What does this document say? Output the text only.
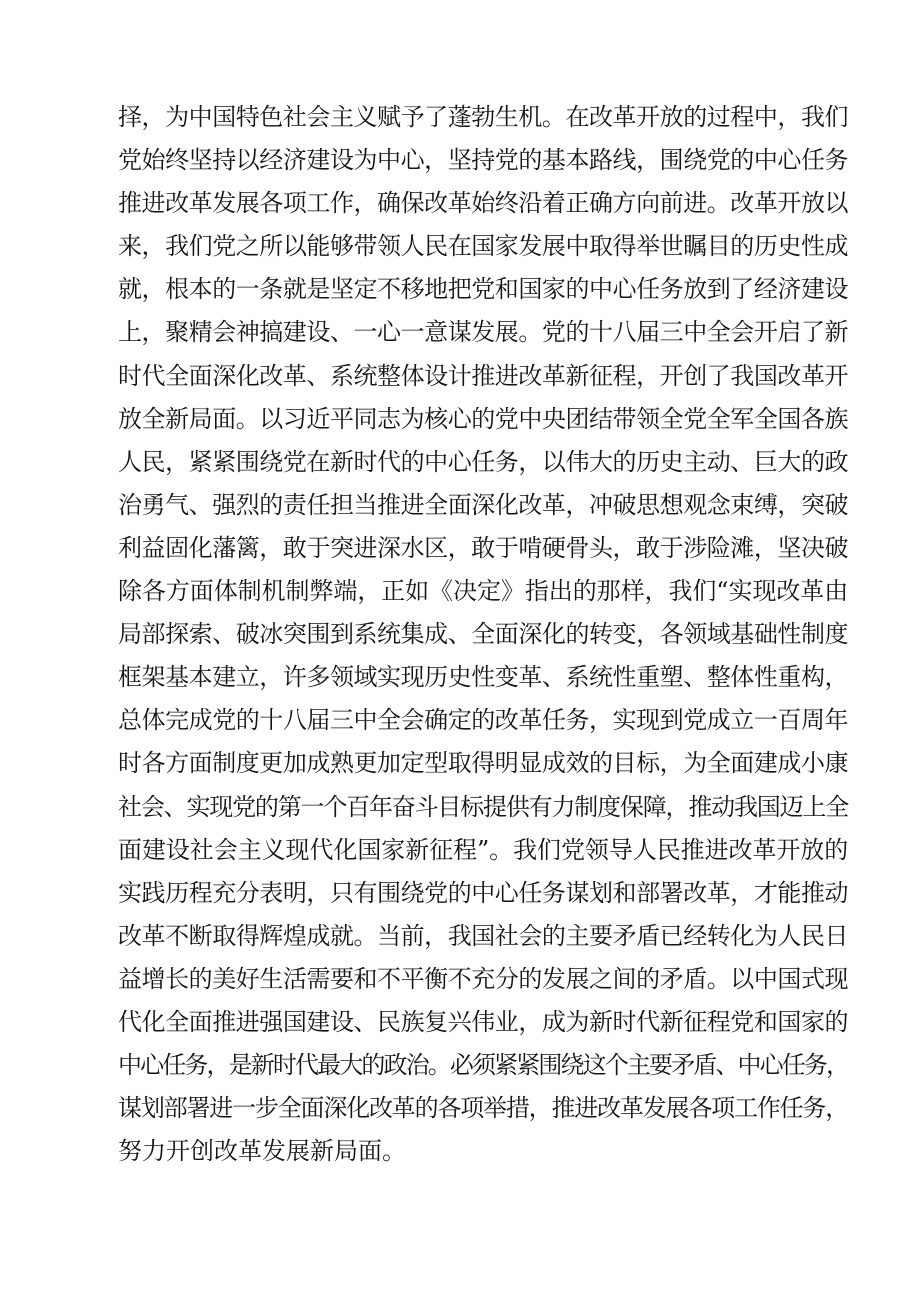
择，为中国特色社会主义赋予了蓬勃生机。在改革开放的过程中，我们
党始终坚持以经济建设为中心，坚持党的基本路线，围绕党的中心任务
推进改革发展各项工作，确保改革始终沿着正确方向前进。改革开放以
来，我们党之所以能够带领人民在国家发展中取得举世瞩目的历史性成
就，根本的一条就是坚定不移地把党和国家的中心任务放到了经济建设
上，聚精会神搞建设、一心一意谋发展。党的十八届三中全会开启了新
时代全面深化改革、系统整体设计推进改革新征程，开创了我国改革开
放全新局面。以习近平同志为核心的党中央团结带领全党全军全国各族
人民，紧紧围绕党在新时代的中心任务，以伟大的历史主动、巨大的政
治勇气、强烈的责任担当推进全面深化改革，冲破思想观念束缚，突破
利益固化藩篱，敢于突进深水区，敢于啃硬骨头，敢于涉险滩，坚决破
除各方面体制机制弊端，正如《决定》指出的那样，我们“实现改革由
局部探索、破冰突围到系统集成、全面深化的转变，各领域基础性制度
框架基本建立，许多领域实现历史性变革、系统性重塑、整体性重构，
总体完成党的十八届三中全会确定的改革任务，实现到党成立一百周年
时各方面制度更加成熟更加定型取得明显成效的目标，为全面建成小康
社会、实现党的第一个百年奋斗目标提供有力制度保障，推动我国迈上全
面建设社会主义现代化国家新征程”。我们党领导人民推进改革开放的
实践历程充分表明，只有围绕党的中心任务谋划和部署改革，才能推动
改革不断取得辉煌成就。当前，我国社会的主要矛盾已经转化为人民日
益增长的美好生活需要和不平衡不充分的发展之间的矛盾。以中国式现
代化全面推进强国建设、民族复兴伟业，成为新时代新征程党和国家的
中心任务，是新时代最大的政治。必须紧紧围绕这个主要矛盾、中心任务，
谋划部署进一步全面深化改革的各项举措，推进改革发展各项工作任务，
努力开创改革发展新局面。
